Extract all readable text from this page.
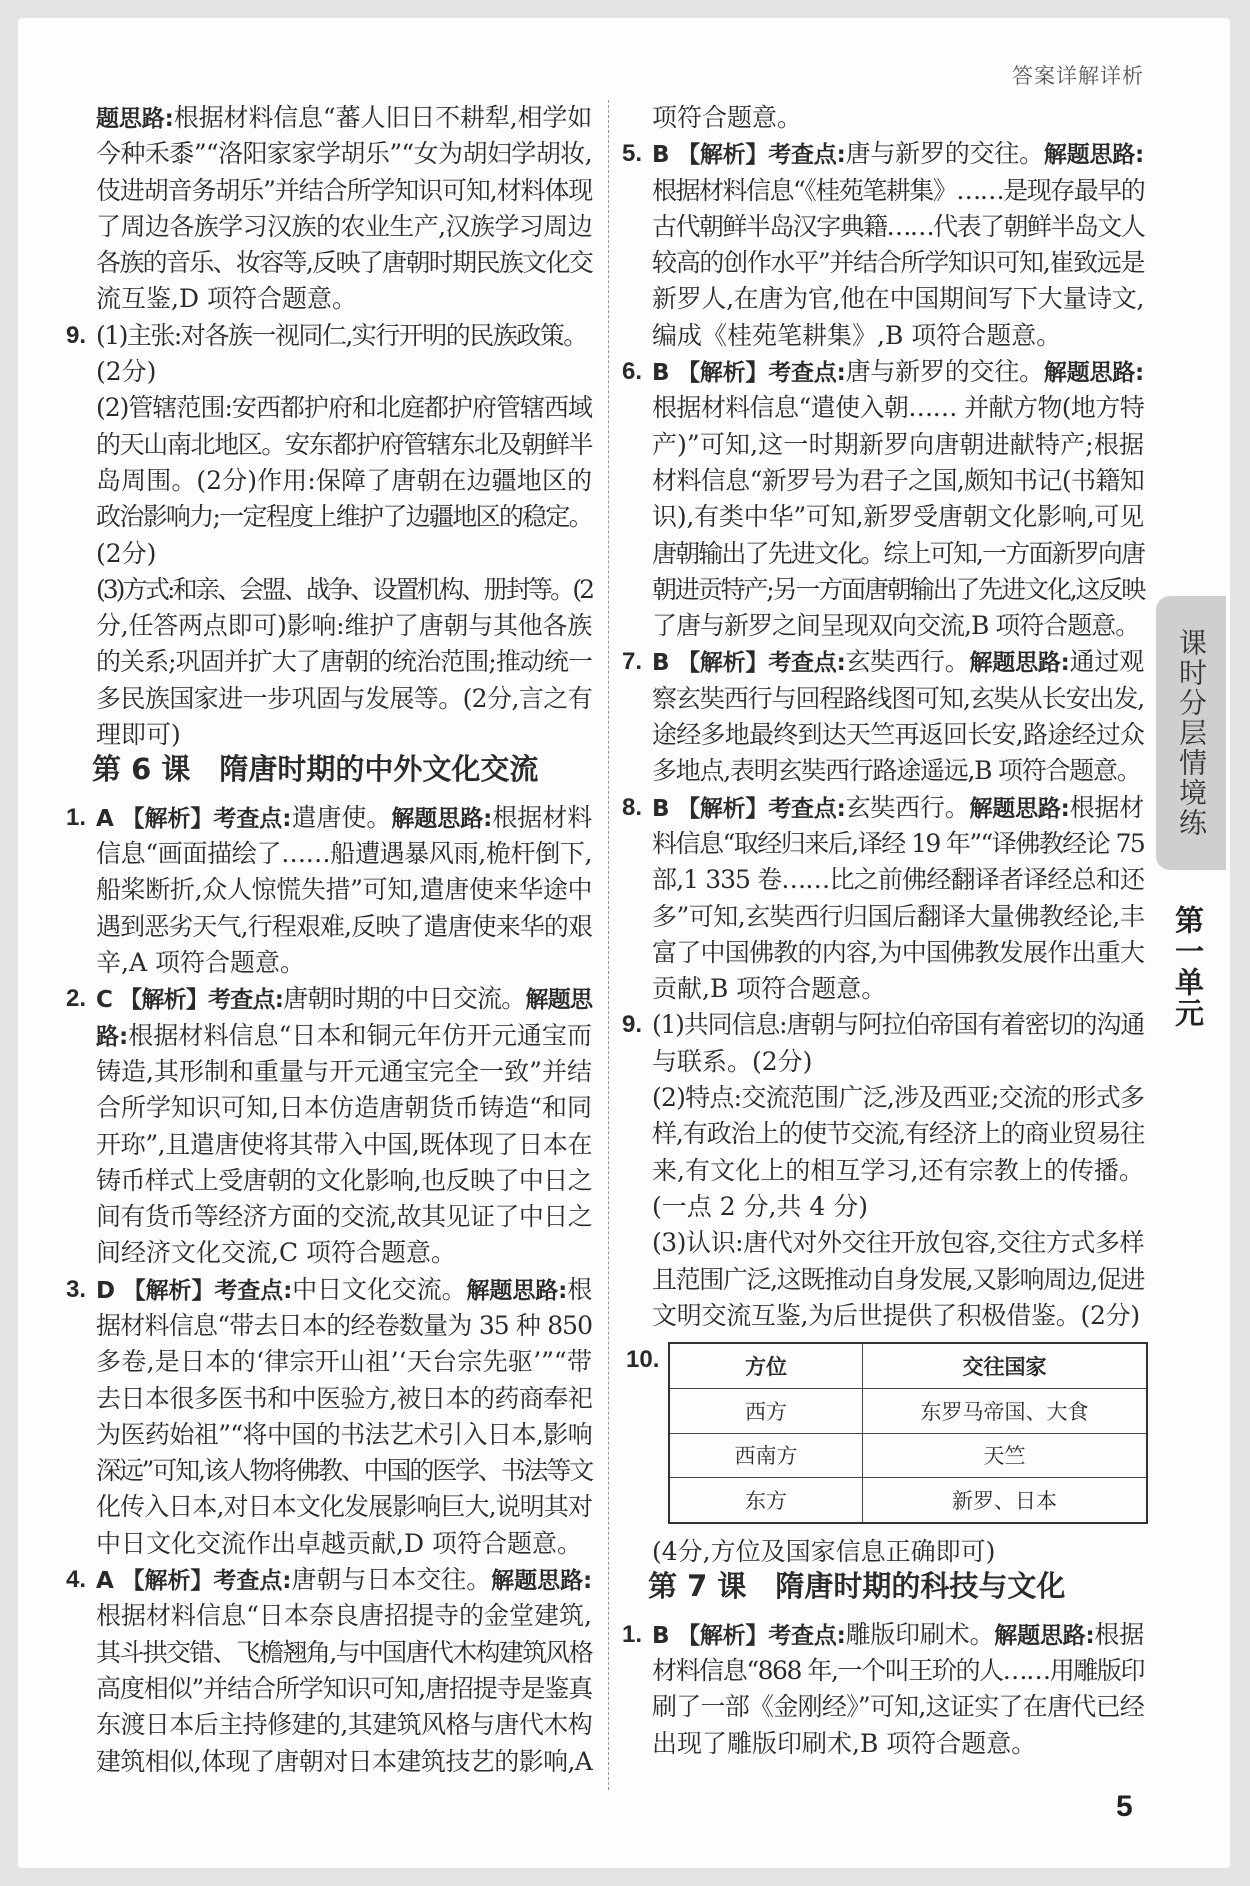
答案详解详析
题思路:根据材料信息“蕃人旧日不耕犁,相学如
今种禾黍”“洛阳家家学胡乐”“女为胡妇学胡妆,
伎进胡音务胡乐”并结合所学知识可知,材料体现
了周边各族学习汉族的农业生产,汉族学习周边
各族的音乐、妆容等,反映了唐朝时期民族文化交
流互鉴,D 项符合题意。
9. (1)主张:对各族一视同仁,实行开明的民族政策。
(2分)
(2)管辖范围:安西都护府和北庭都护府管辖西域
的天山南北地区。安东都护府管辖东北及朝鲜半
岛周围。(2分)作用:保障了唐朝在边疆地区的
政治影响力;一定程度上维护了边疆地区的稳定。
(2分)
(3)方式:和亲、会盟、战争、设置机构、册封等。(2
分,任答两点即可)影响:维护了唐朝与其他各族
的关系;巩固并扩大了唐朝的统治范围;推动统一
多民族国家进一步巩固与发展等。(2分,言之有
理即可)
第 6 课　隋唐时期的中外文化交流
1. A 【解析】考查点:遣唐使。解题思路:根据材料
信息“画面描绘了……船遭遇暴风雨,桅杆倒下,
船桨断折,众人惊慌失措”可知,遣唐使来华途中
遇到恶劣天气,行程艰难,反映了遣唐使来华的艰
辛,A 项符合题意。
2. C 【解析】考查点:唐朝时期的中日交流。解题思
路:根据材料信息“日本和铜元年仿开元通宝而
铸造,其形制和重量与开元通宝完全一致”并结
合所学知识可知,日本仿造唐朝货币铸造“和同
开珎”,且遣唐使将其带入中国,既体现了日本在
铸币样式上受唐朝的文化影响,也反映了中日之
间有货币等经济方面的交流,故其见证了中日之
间经济文化交流,C 项符合题意。
3. D 【解析】考查点:中日文化交流。解题思路:根
据材料信息“带去日本的经卷数量为 35 种 850
多卷,是日本的‘律宗开山祖’‘天台宗先驱’”“带
去日本很多医书和中医验方,被日本的药商奉祀
为医药始祖”“将中国的书法艺术引入日本,影响
深远”可知,该人物将佛教、中国的医学、书法等文
化传入日本,对日本文化发展影响巨大,说明其对
中日文化交流作出卓越贡献,D 项符合题意。
4. A 【解析】考查点:唐朝与日本交往。解题思路:
根据材料信息“日本奈良唐招提寺的金堂建筑,
其斗拱交错、飞檐翘角,与中国唐代木构建筑风格
高度相似”并结合所学知识可知,唐招提寺是鉴真
东渡日本后主持修建的,其建筑风格与唐代木构
建筑相似,体现了唐朝对日本建筑技艺的影响,A
项符合题意。
5. B 【解析】考查点:唐与新罗的交往。解题思路:
根据材料信息“《桂苑笔耕集》……是现存最早的
古代朝鲜半岛汉字典籍……代表了朝鲜半岛文人
较高的创作水平”并结合所学知识可知,崔致远是
新罗人,在唐为官,他在中国期间写下大量诗文,
编成《桂苑笔耕集》,B 项符合题意。
6. B 【解析】考查点:唐与新罗的交往。解题思路:
根据材料信息“遣使入朝…… 并献方物(地方特
产)”可知,这一时期新罗向唐朝进献特产;根据
材料信息“新罗号为君子之国,颇知书记(书籍知
识),有类中华”可知,新罗受唐朝文化影响,可见
唐朝输出了先进文化。综上可知,一方面新罗向唐
朝进贡特产;另一方面唐朝输出了先进文化,这反映
了唐与新罗之间呈现双向交流,B 项符合题意。
7. B 【解析】考查点:玄奘西行。解题思路:通过观
察玄奘西行与回程路线图可知,玄奘从长安出发,
途经多地最终到达天竺再返回长安,路途经过众
多地点,表明玄奘西行路途遥远,B 项符合题意。
8. B 【解析】考查点:玄奘西行。解题思路:根据材
料信息“取经归来后,译经 19 年”“译佛教经论 75
部,1 335 卷……比之前佛经翻译者译经总和还
多”可知,玄奘西行归国后翻译大量佛教经论,丰
富了中国佛教的内容,为中国佛教发展作出重大
贡献,B 项符合题意。
9. (1)共同信息:唐朝与阿拉伯帝国有着密切的沟通
与联系。(2分)
(2)特点:交流范围广泛,涉及西亚;交流的形式多
样,有政治上的使节交流,有经济上的商业贸易往
来,有文化上的相互学习,还有宗教上的传播。
(一点 2 分,共 4 分)
(3)认识:唐代对外交往开放包容,交往方式多样
且范围广泛,这既推动自身发展,又影响周边,促进
文明交流互鉴,为后世提供了积极借鉴。(2分)
10.	方位	交往国家
西方	东罗马帝国、大食
西南方	天竺
东方	新罗、日本
(4分,方位及国家信息正确即可)
第 7 课　隋唐时期的科技与文化
1. B 【解析】考查点:雕版印刷术。解题思路:根据
材料信息“868 年,一个叫王玠的人……用雕版印
刷了一部《金刚经》”可知,这证实了在唐代已经
出现了雕版印刷术,B 项符合题意。
课时分层情境练
第一单元
5
